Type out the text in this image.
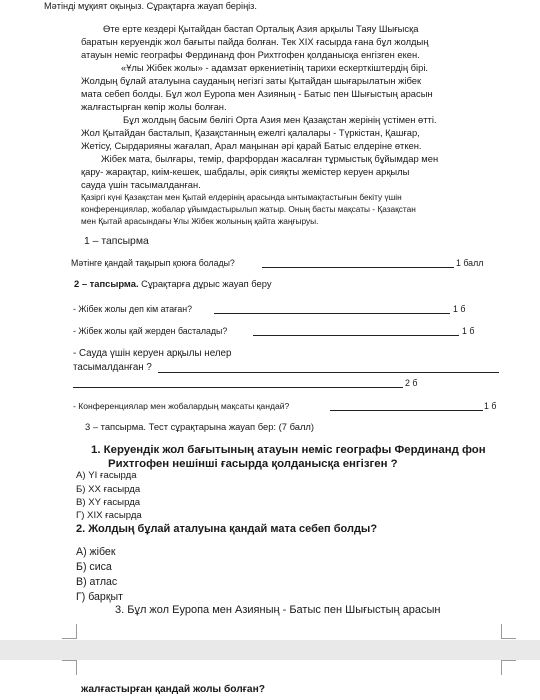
Мәтінді мұқият оқыңыз. Сұрақтарға жауап беріңіз.
Өте ерте кездері Қытайдан бастап Орталық Азия арқылы Таяу Шығысқа
баратын керуендік жол бағыты пайда болған. Тек XIX ғасырда ғана бұл жолдың
атауын неміс географы Фердинанд фон Рихтгофен қолданысқа енгізген екен.
«Ұлы Жібек жолы» - адамзат өркениетінің тарихи ескерткіштердің бірі.
Жолдың бұлай аталуына сауданың негізгі заты Қытайдан шығарылатын жібек
мата себеп болды. Бұл жол Еуропа мен Азияның - Батыс пен Шығыстың арасын
жалғастырған көпір жолы болған.
Бұл жолдың басым бөлігі Орта Азия мен Қазақстан жерінің үстімен өтті.
Жол Қытайдан басталып, Қазақстанның ежелгі қалалары - Түркістан, Қашғар,
Жетісу, Сырдарияны жағалап, Арал маңынан әрі қарай Батыс елдеріне өткен.
Жібек мата, былғары, темір, фарфордан жасалған тұрмыстық бұйымдар мен
қару- жарақтар, киім-кешек, шабдалы, әрік сияқты жемістер керуен арқылы
сауда үшін тасымалданған.
Қазіргі күні Қазақстан мен Қытай елдерінің арасында ынтымақтастығын бекіту үшін
конференциялар, жобалар ұйымдастырылып жатыр. Оның басты мақсаты - Қазақстан
мен Қытай арасындағы Ұлы Жібек жолының қайта жаңғыруы.
1 – тапсырма
Мәтінге қандай тақырып қоюға болады?	1 балл
2 – тапсырма. Сұрақтарға дұрыс жауап беру
- Жібек жолы деп кім атаған?	1 б
- Жібек жолы қай жерден басталады?	1 б
- Сауда үшін керуен арқылы нелер
тасымалданған ?
2 б
- Конференциялар мен жобалардың мақсаты қандай?	1 б
3 – тапсырма. Тест сұрақтарына жауап бер: (7 балл)
1. Керуендік жол бағытының атауын неміс географы Фердинанд фон
Рихтгофен нешінші ғасырда қолданысқа енгізген ?
А) YI ғасырда
Б) XX ғасырда
В) XY ғасырда
Г) XIX ғасырда
2. Жолдың бұлай аталуына қандай мата себеп болды?
А) жібек
Б) сиса
В) атлас
Г) барқыт
3. Бұл жол Еуропа мен Азияның - Батыс пен Шығыстың арасын
жалғастырған қандай жолы болған?
